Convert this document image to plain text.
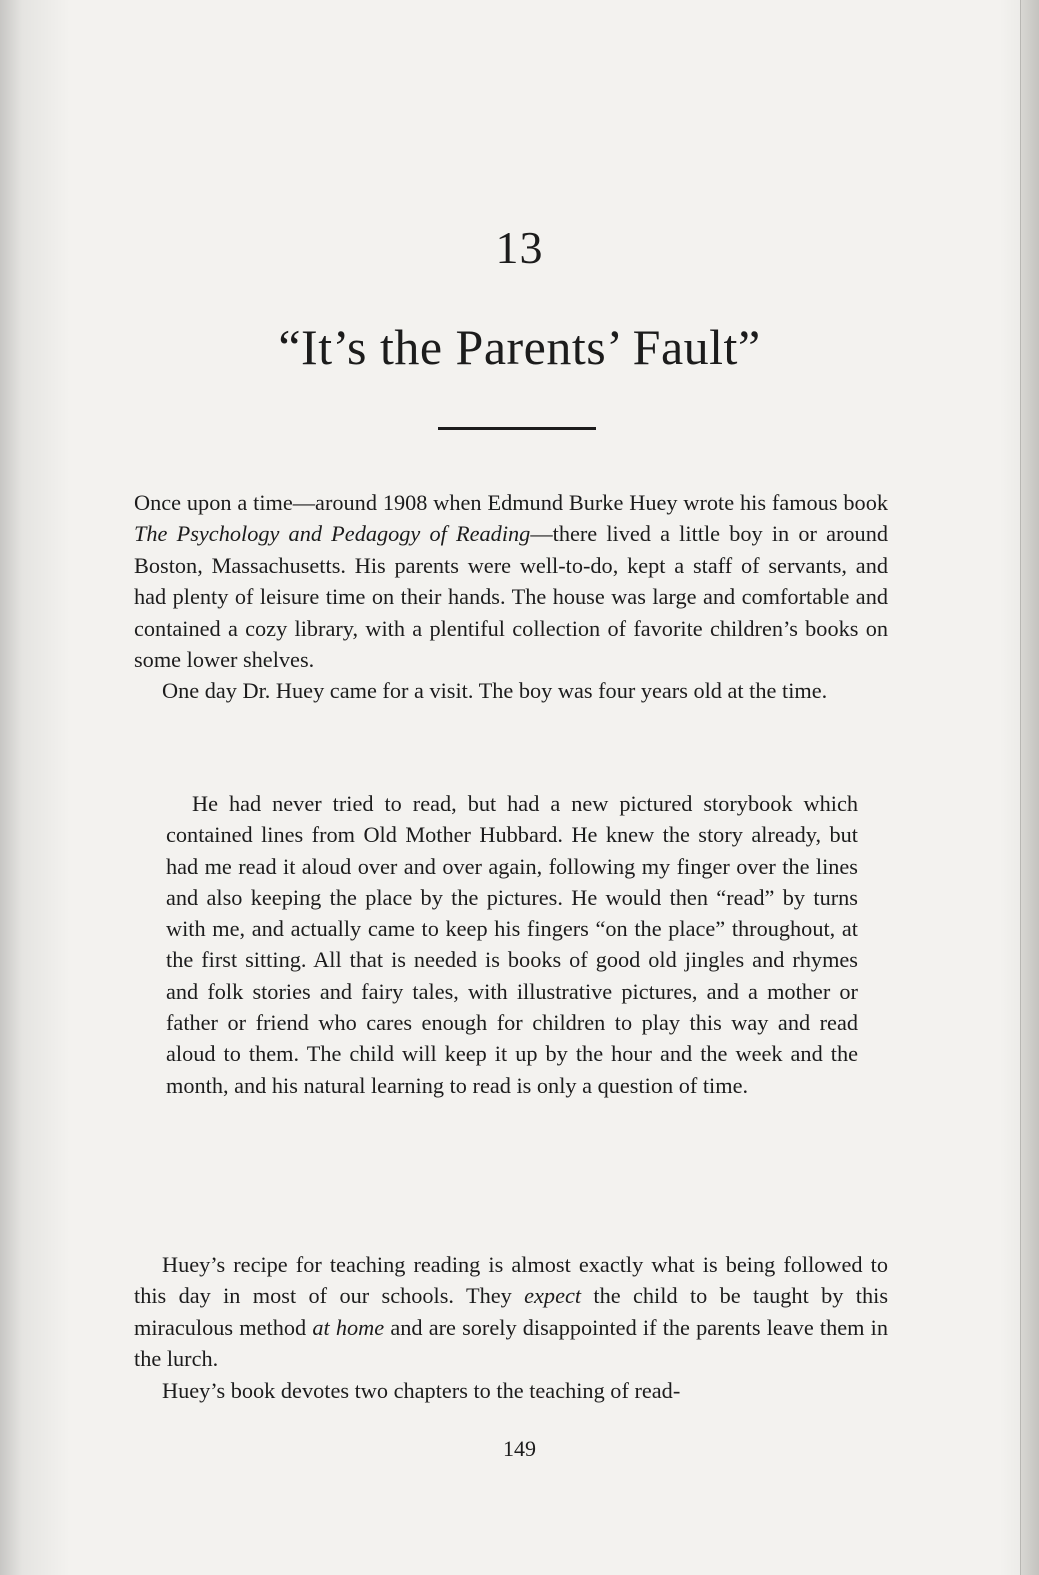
13
“It’s the Parents’ Fault”

Once upon a time—around 1908 when Edmund Burke Huey wrote his famous book The Psychology and Pedagogy of Reading—there lived a little boy in or around Boston, Massachusetts. His parents were well-to-do, kept a staff of servants, and had plenty of leisure time on their hands. The house was large and comfortable and contained a cozy library, with a plentiful collection of favorite children’s books on some lower shelves.

One day Dr. Huey came for a visit. The boy was four years old at the time.

He had never tried to read, but had a new pictured storybook which contained lines from Old Mother Hubbard. He knew the story already, but had me read it aloud over and over again, following my finger over the lines and also keeping the place by the pictures. He would then “read” by turns with me, and actually came to keep his fingers “on the place” throughout, at the first sitting. All that is needed is books of good old jingles and rhymes and folk stories and fairy tales, with illustrative pictures, and a mother or father or friend who cares enough for children to play this way and read aloud to them. The child will keep it up by the hour and the week and the month, and his natural learning to read is only a question of time.

Huey’s recipe for teaching reading is almost exactly what is being followed to this day in most of our schools. They expect the child to be taught by this miraculous method at home and are sorely disappointed if the parents leave them in the lurch.

Huey’s book devotes two chapters to the teaching of read-

149
